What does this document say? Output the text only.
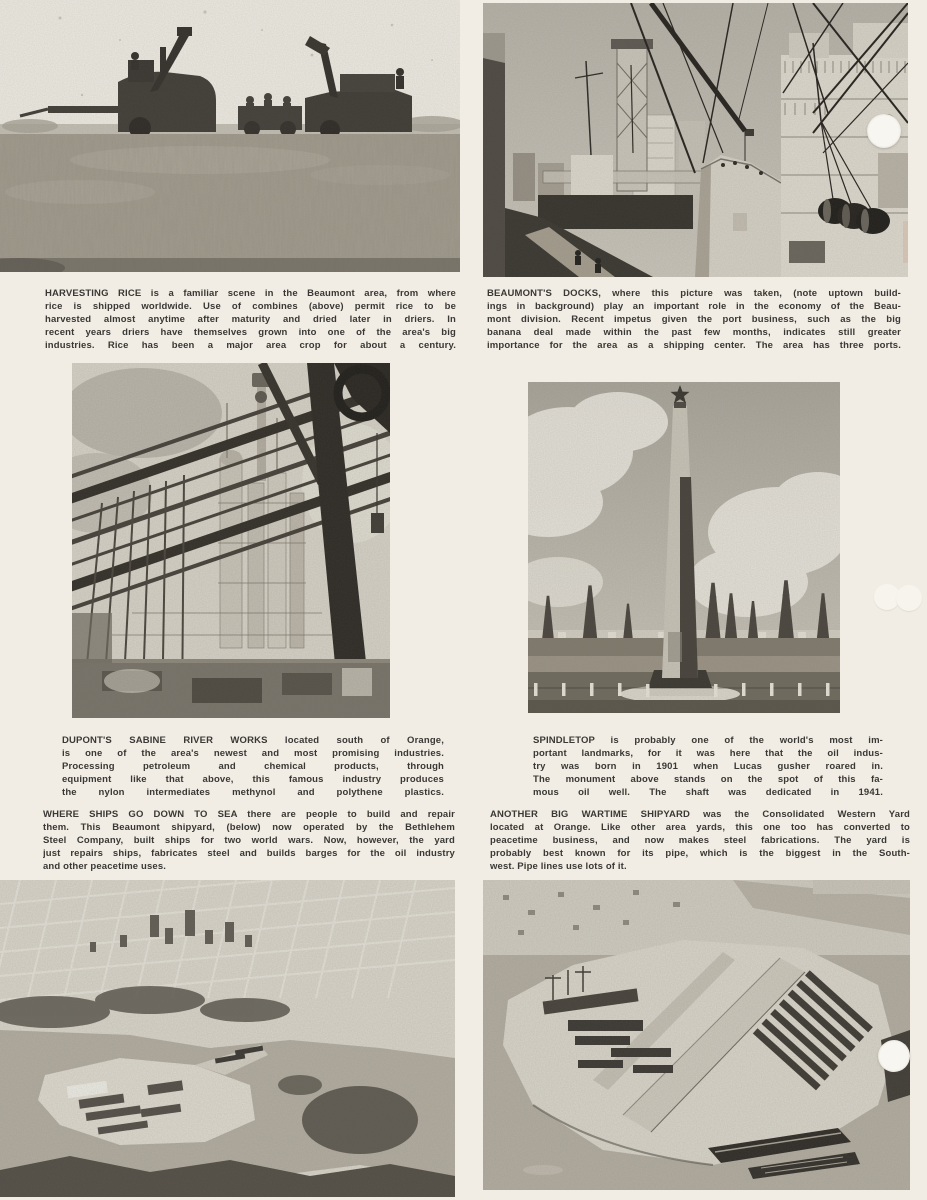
HARVESTING RICE is a familiar scene in the Beaumont area, from where
rice is shipped worldwide. Use of combines (above) permit rice to be
harvested almost anytime after maturity and dried later in driers. In
recent years driers have themselves grown into one of the area's big
industries. Rice has been a major area crop for about a century.
BEAUMONT'S DOCKS, where this picture was taken, (note uptown build-
ings in background) play an important role in the economy of the Beau-
mont division. Recent impetus given the port business, such as the big
banana deal made within the past few months, indicates still greater
importance for the area as a shipping center. The area has three ports.
DUPONT'S SABINE RIVER WORKS located south of Orange,
is one of the area's newest and most promising industries.
Processing petroleum and chemical products, through
equipment like that above, this famous industry produces
the nylon intermediates methynol and polythene plastics.
SPINDLETOP is probably one of the world's most im-
portant landmarks, for it was here that the oil indus-
try was born in 1901 when Lucas gusher roared in.
The monument above stands on the spot of this fa-
mous oil well. The shaft was dedicated in 1941.
WHERE SHIPS GO DOWN TO SEA there are people to build and repair
them. This Beaumont shipyard, (below) now operated by the Bethlehem
Steel Company, built ships for two world wars. Now, however, the yard
just repairs ships, fabricates steel and builds barges for the oil industry
and other peacetime uses.
ANOTHER BIG WARTIME SHIPYARD was the Consolidated Western Yard
located at Orange. Like other area yards, this one too has converted to
peacetime business, and now makes steel fabrications. The yard is
probably best known for its pipe, which is the biggest in the South-
west. Pipe lines use lots of it.
